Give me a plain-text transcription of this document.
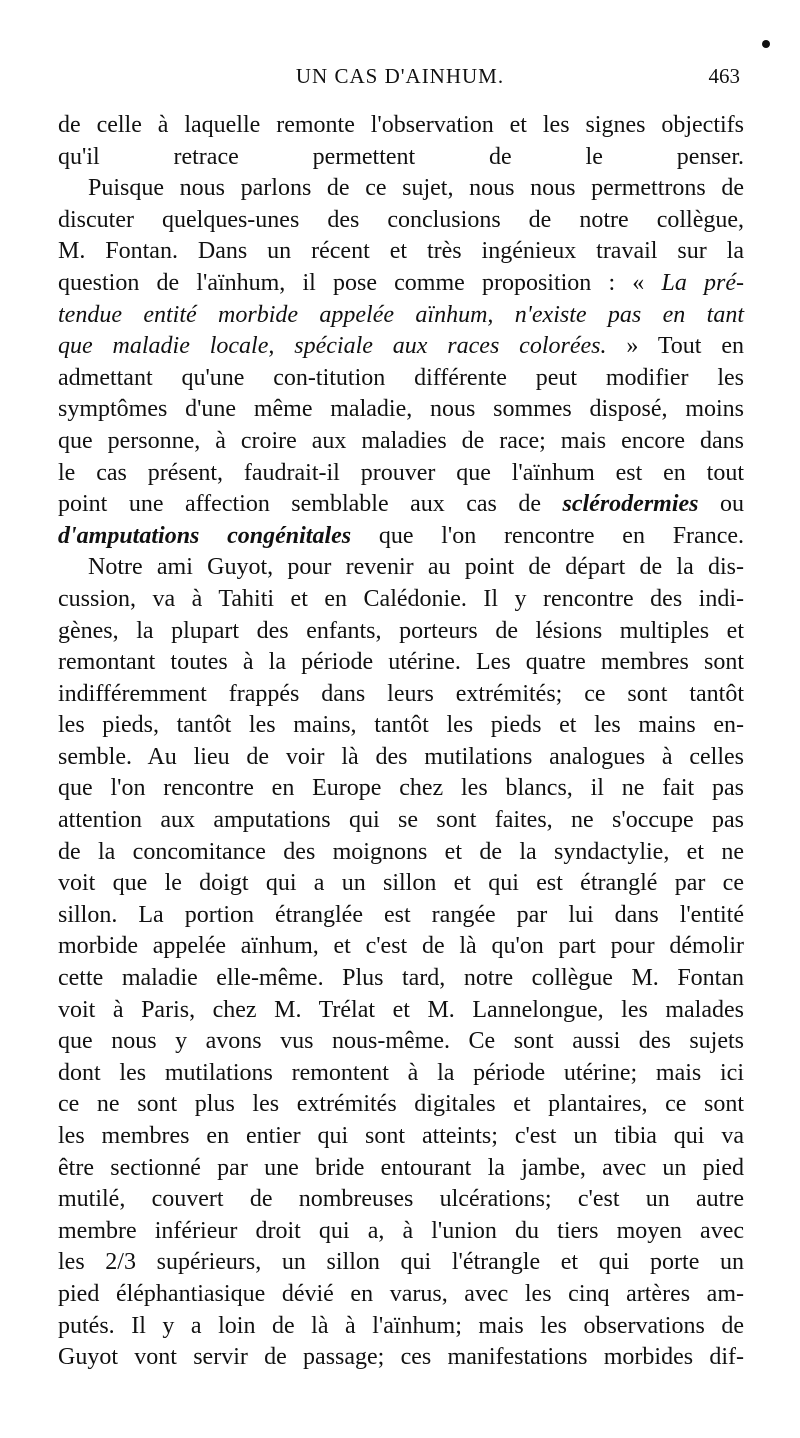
UN CAS D'AINHUM.	463
de celle à laquelle remonte l'observation et les signes objectifs
qu'il retrace permettent de le penser.
Puisque nous parlons de ce sujet, nous nous permettrons de
discuter quelques-unes des conclusions de notre collègue,
M. Fontan. Dans un récent et très ingénieux travail sur la
question de l'aïnhum, il pose comme proposition : « La pré-
tendue entité morbide appelée aïnhum, n'existe pas en tant
que maladie locale, spéciale aux races colorées. » Tout en
admettant qu'une con-titution différente peut modifier les
symptômes d'une même maladie, nous sommes disposé, moins
que personne, à croire aux maladies de race; mais encore dans
le cas présent, faudrait-il prouver que l'aïnhum est en tout
point une affection semblable aux cas de sclérodermies ou
d'amputations congénitales que l'on rencontre en France.
Notre ami Guyot, pour revenir au point de départ de la dis-
cussion, va à Tahiti et en Calédonie. Il y rencontre des indi-
gènes, la plupart des enfants, porteurs de lésions multiples et
remontant toutes à la période utérine. Les quatre membres sont
indifféremment frappés dans leurs extrémités; ce sont tantôt
les pieds, tantôt les mains, tantôt les pieds et les mains en-
semble. Au lieu de voir là des mutilations analogues à celles
que l'on rencontre en Europe chez les blancs, il ne fait pas
attention aux amputations qui se sont faites, ne s'occupe pas
de la concomitance des moignons et de la syndactylie, et ne
voit que le doigt qui a un sillon et qui est étranglé par ce
sillon. La portion étranglée est rangée par lui dans l'entité
morbide appelée aïnhum, et c'est de là qu'on part pour démolir
cette maladie elle-même. Plus tard, notre collègue M. Fontan
voit à Paris, chez M. Trélat et M. Lannelongue, les malades
que nous y avons vus nous-même. Ce sont aussi des sujets
dont les mutilations remontent à la période utérine; mais ici
ce ne sont plus les extrémités digitales et plantaires, ce sont
les membres en entier qui sont atteints; c'est un tibia qui va
être sectionné par une bride entourant la jambe, avec un pied
mutilé, couvert de nombreuses ulcérations; c'est un autre
membre inférieur droit qui a, à l'union du tiers moyen avec
les 2/3 supérieurs, un sillon qui l'étrangle et qui porte un
pied éléphantiasique dévié en varus, avec les cinq artères am-
putés. Il y a loin de là à l'aïnhum; mais les observations de
Guyot vont servir de passage; ces manifestations morbides dif-
